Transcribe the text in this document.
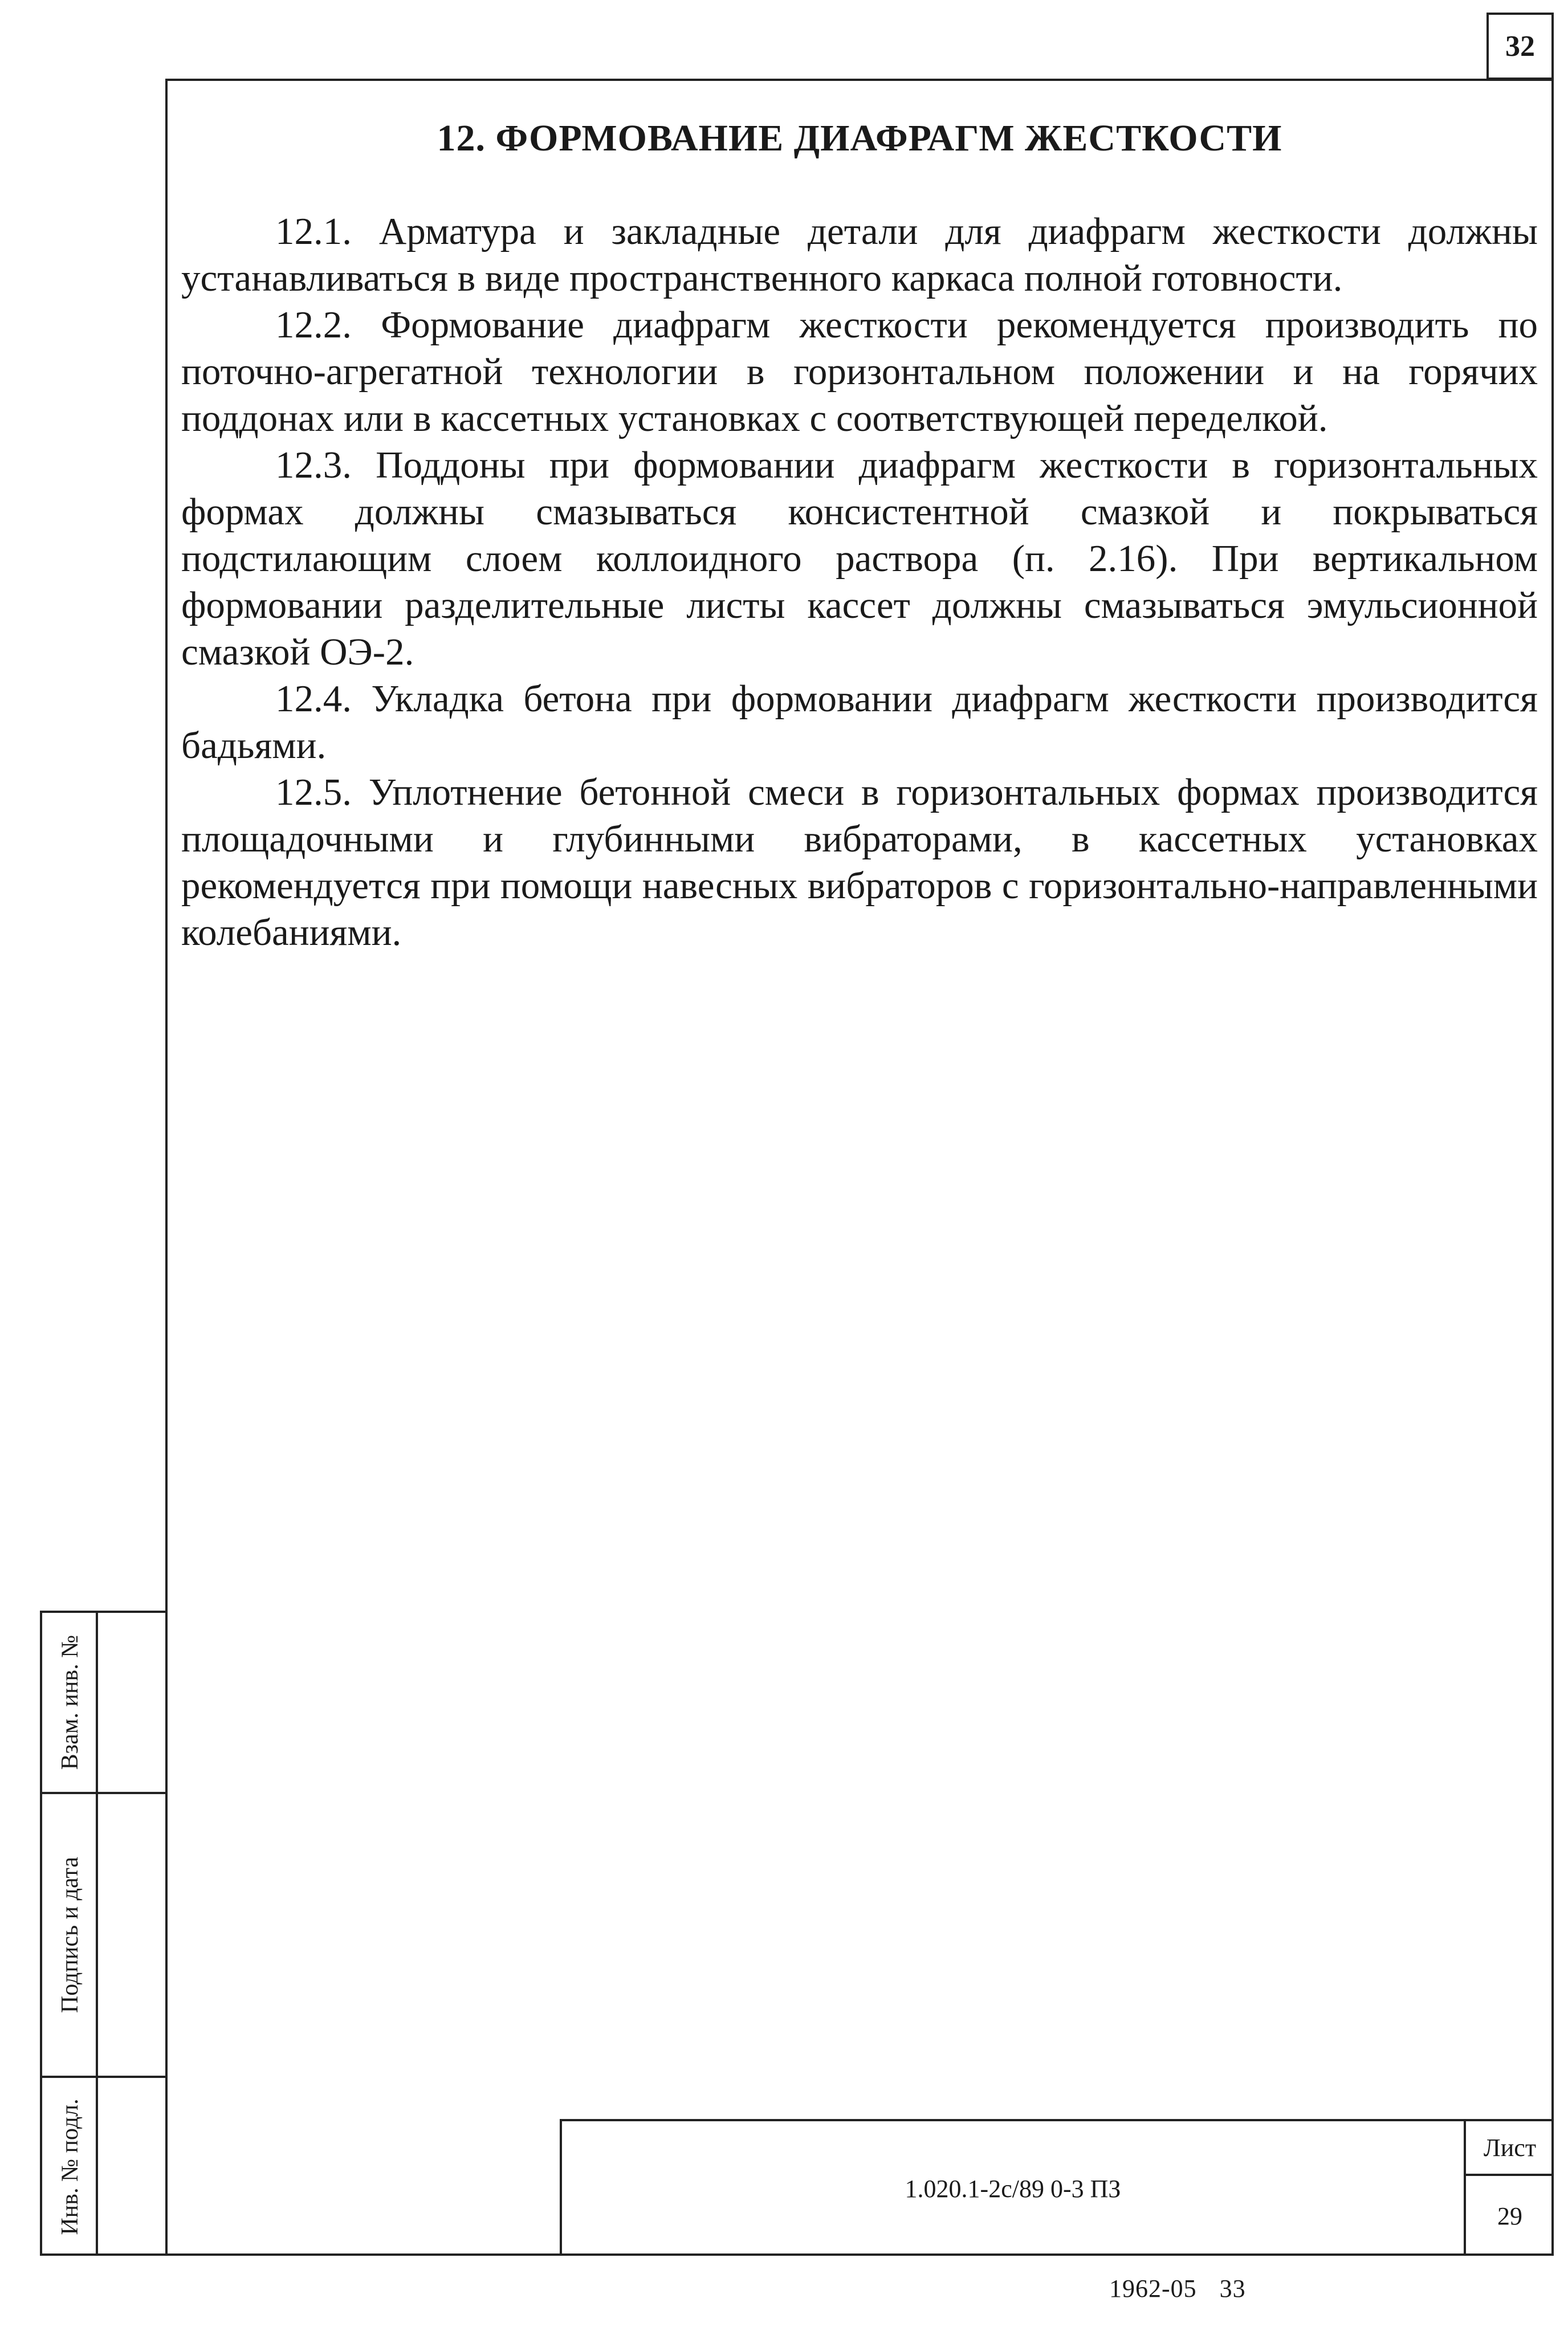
32
12. ФОРМОВАНИЕ ДИАФРАГМ ЖЕСТКОСТИ

12.1. Арматура и закладные детали для диафрагм жесткости должны устанавливаться в виде пространственного каркаса полной готовности.

12.2. Формование диафрагм жесткости рекомендуется производить по поточно-агрегатной технологии в горизонтальном положении и на горячих поддонах или в кассетных установках с соответствующей переделкой.

12.3. Поддоны при формовании диафрагм жесткости в горизонтальных формах должны смазываться консистентной смазкой и покрываться подстилающим слоем коллоидного раствора (п. 2.16). При вертикальном формовании разделительные листы кассет должны смазываться эмульсионной смазкой ОЭ-2.

12.4. Укладка бетона при формовании диафрагм жесткости производится бадьями.

12.5. Уплотнение бетонной смеси в горизонтальных формах производится площадочными и глубинными вибраторами, в кассетных установках рекомендуется при помощи навесных вибраторов с горизонтально-направленными колебаниями.

Взам. инв. №
Подпись и дата
Инв. № подл.	1.020.1-2с/89 0-3 ПЗ
Лист
29
1962-05 33
